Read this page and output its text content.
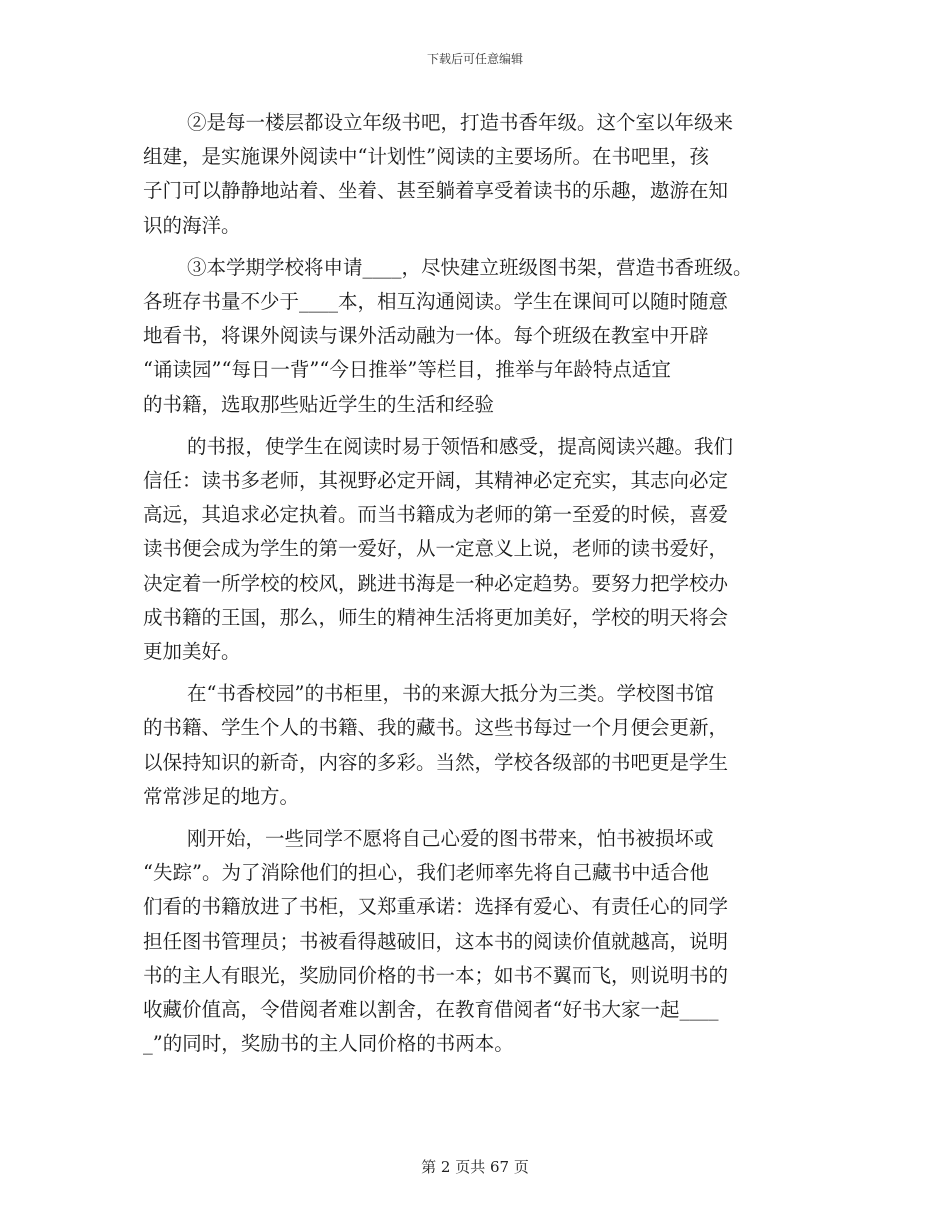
下载后可任意编辑
②是每一楼层都设立年级书吧，打造书香年级。这个室以年级来
组建，是实施课外阅读中“计划性”阅读的主要场所。在书吧里，孩
子门可以静静地站着、坐着、甚至躺着享受着读书的乐趣，遨游在知
识的海洋。
③本学期学校将申请____，尽快建立班级图书架，营造书香班级。
各班存书量不少于____本，相互沟通阅读。学生在课间可以随时随意
地看书，将课外阅读与课外活动融为一体。每个班级在教室中开辟
“诵读园”“每日一背”“今日推举”等栏目，推举与年龄特点适宜
的书籍，选取那些贴近学生的生活和经验
的书报，使学生在阅读时易于领悟和感受，提高阅读兴趣。我们
信任：读书多老师，其视野必定开阔，其精神必定充实，其志向必定
高远，其追求必定执着。而当书籍成为老师的第一至爱的时候，喜爱
读书便会成为学生的第一爱好，从一定意义上说，老师的读书爱好，
决定着一所学校的校风，跳进书海是一种必定趋势。要努力把学校办
成书籍的王国，那么，师生的精神生活将更加美好，学校的明天将会
更加美好。
在“书香校园”的书柜里，书的来源大抵分为三类。学校图书馆
的书籍、学生个人的书籍、我的藏书。这些书每过一个月便会更新，
以保持知识的新奇，内容的多彩。当然，学校各级部的书吧更是学生
常常涉足的地方。
刚开始，一些同学不愿将自己心爱的图书带来，怕书被损坏或
“失踪”。为了消除他们的担心，我们老师率先将自己藏书中适合他
们看的书籍放进了书柜，又郑重承诺：选择有爱心、有责任心的同学
担任图书管理员；书被看得越破旧，这本书的阅读价值就越高，说明
书的主人有眼光，奖励同价格的书一本；如书不翼而飞，则说明书的
收藏价值高，令借阅者难以割舍，在教育借阅者“好书大家一起____
_”的同时，奖励书的主人同价格的书两本。
第 2 页共 67 页
